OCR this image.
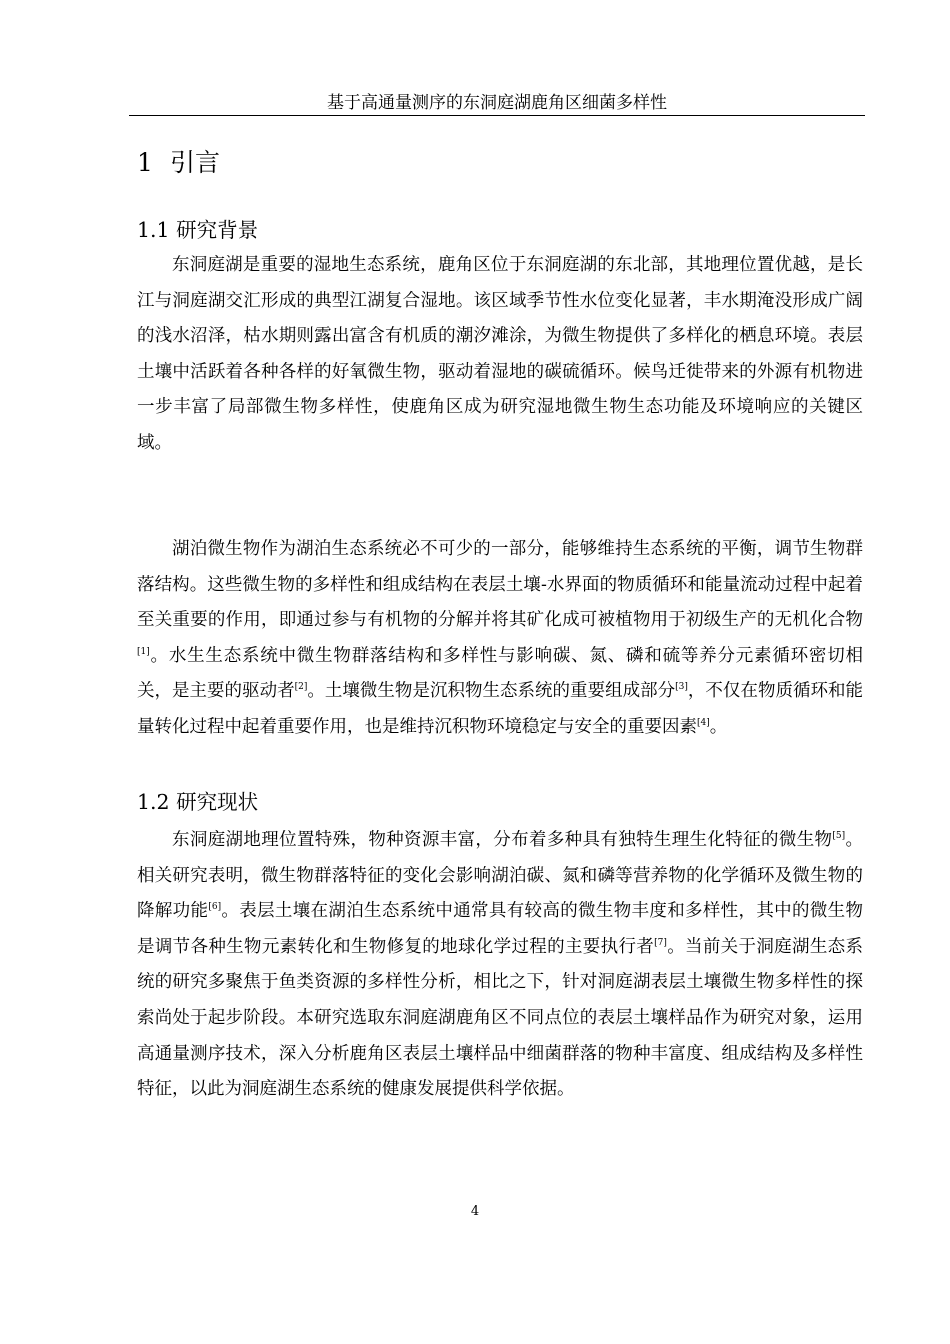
基于高通量测序的东洞庭湖鹿角区细菌多样性
1 引言
1.1 研究背景

东洞庭湖是重要的湿地生态系统，鹿角区位于东洞庭湖的东北部，其地理位置优越，是长江与洞庭湖交汇形成的典型江湖复合湿地。该区域季节性水位变化显著，丰水期淹没形成广阔的浅水沼泽，枯水期则露出富含有机质的潮汐滩涂，为微生物提供了多样化的栖息环境。表层土壤中活跃着各种各样的好氧微生物，驱动着湿地的碳硫循环。候鸟迁徙带来的外源有机物进一步丰富了局部微生物多样性，使鹿角区成为研究湿地微生物生态功能及环境响应的关键区域。

湖泊微生物作为湖泊生态系统必不可少的一部分，能够维持生态系统的平衡，调节生物群落结构。这些微生物的多样性和组成结构在表层土壤-水界面的物质循环和能量流动过程中起着至关重要的作用，即通过参与有机物的分解并将其矿化成可被植物用于初级生产的无机化合物[1]。水生生态系统中微生物群落结构和多样性与影响碳、氮、磷和硫等养分元素循环密切相关，是主要的驱动者[2]。土壤微生物是沉积物生态系统的重要组成部分[3]，不仅在物质循环和能量转化过程中起着重要作用，也是维持沉积物环境稳定与安全的重要因素[4]。

1.2 研究现状

东洞庭湖地理位置特殊，物种资源丰富，分布着多种具有独特生理生化特征的微生物[5]。相关研究表明，微生物群落特征的变化会影响湖泊碳、氮和磷等营养物的化学循环及微生物的降解功能[6]。表层土壤在湖泊生态系统中通常具有较高的微生物丰度和多样性，其中的微生物是调节各种生物元素转化和生物修复的地球化学过程的主要执行者[7]。当前关于洞庭湖生态系统的研究多聚焦于鱼类资源的多样性分析，相比之下，针对洞庭湖表层土壤微生物多样性的探索尚处于起步阶段。本研究选取东洞庭湖鹿角区不同点位的表层土壤样品作为研究对象，运用高通量测序技术，深入分析鹿角区表层土壤样品中细菌群落的物种丰富度、组成结构及多样性特征，以此为洞庭湖生态系统的健康发展提供科学依据。

4
